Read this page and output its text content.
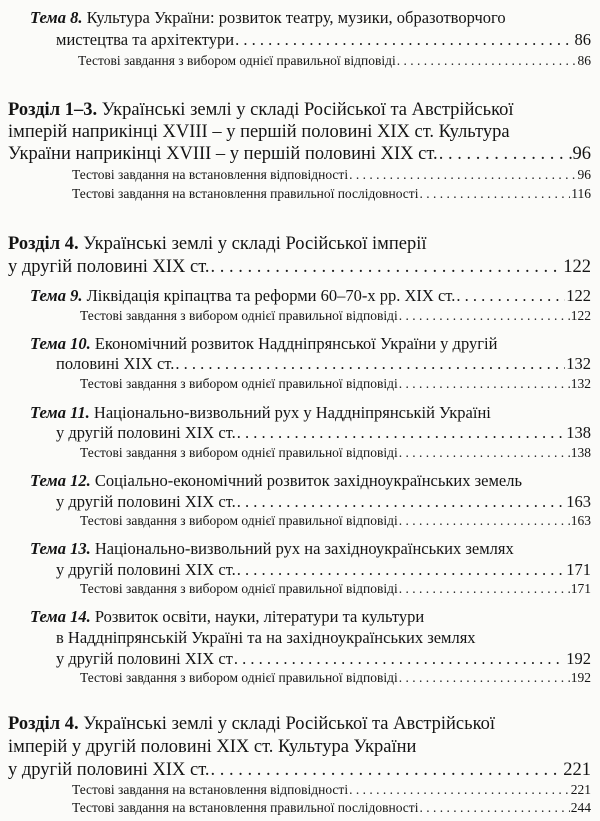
Тема 8.
Культура України: розвиток театру, музики, образотворчого
мистецтва та архітектури . . .	86
Тестові завдання з вибором однієї правильної відповіді . . .	86
Розділ 1–3.
Українські землі у складі Російської та Австрійської
імперій наприкінці XVIII – у першій половині XIX ст. Культура
України наприкінці XVIII – у першій половині XIX ст. . . .	96
Тестові завдання на встановлення відповідності . . .	96
Тестові завдання на встановлення правильної послідовності . . .	116
Розділ 4.
Українські землі у складі Російської імперії
у другій половині XIX ст. . . .	122
Тема 9.
Ліквідація кріпацтва та реформи 60–70-х рр. XIX ст. . . .	122
Тестові завдання з вибором однієї правильної відповіді . . .	122
Тема 10.
Економічний розвиток Наддніпрянської України у другій
половині XIX ст. . . .	132
Тестові завдання з вибором однієї правильної відповіді . . .	132
Тема 11.
Національно-визвольний рух у Наддніпрянській Україні
у другій половині XIX ст. . . .	138
Тестові завдання з вибором однієї правильної відповіді . . .	138
Тема 12.
Соціально-економічний розвиток західноукраїнських земель
у другій половині XIX ст. . . .	163
Тестові завдання з вибором однієї правильної відповіді . . .	163
Тема 13.
Національно-визвольний рух на західноукраїнських землях
у другій половині XIX ст. . . .	171
Тестові завдання з вибором однієї правильної відповіді . . .	171
Тема 14.
Розвиток освіти, науки, літератури та культури
в Наддніпрянській Україні та на західноукраїнських землях
у другій половині XIX ст . . .	192
Тестові завдання з вибором однієї правильної відповіді . . .	192
Розділ 4.
Українські землі у складі Російської та Австрійської
імперій у другій половині XIX ст. Культура України
у другій половині XIX ст. . . .	221
Тестові завдання на встановлення відповідності . . .	221
Тестові завдання на встановлення правильної послідовності . . .	244
